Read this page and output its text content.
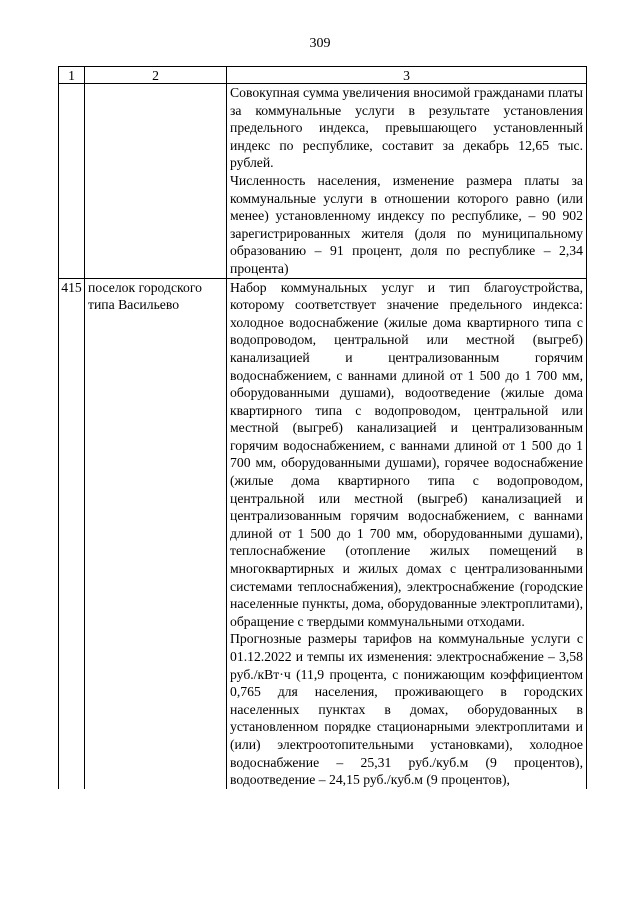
309
1	2	3

		Совокупная сумма увеличения вносимой гражданами платы за коммунальные услуги в результате установления предельного индекса, превышающего установленный индекс по республике, составит за декабрь 12,65 тыс. рублей.

Численность населения, изменение размера платы за коммунальные услуги в отношении которого равно (или менее) установленному индексу по республике, – 90 902 зарегистрированных жителя (доля по муниципальному образованию – 91 процент, доля по республике – 2,34 процента)

415	поселок городского типа Васильево	Набор коммунальных услуг и тип благоустройства, которому соответствует значение предельного индекса: холодное водоснабжение (жилые дома квартирного типа с водопроводом, центральной или местной (выгреб) канализацией и централизованным горячим водоснабжением, с ваннами длиной от 1 500 до 1 700 мм, оборудованными душами), водоотведение (жилые дома квартирного типа с водопроводом, центральной или местной (выгреб) канализацией и централизованным горячим водоснабжением, с ваннами длиной от 1 500 до 1 700 мм, оборудованными душами), горячее водоснабжение (жилые дома квартирного типа с водопроводом, центральной или местной (выгреб) канализацией и централизованным горячим водоснабжением, с ваннами длиной от 1 500 до 1 700 мм, оборудованными душами), теплоснабжение (отопление жилых помещений в многоквартирных и жилых домах с централизованными системами теплоснабжения), электроснабжение (городские населенные пункты, дома, оборудованные электроплитами), обращение с твердыми коммунальными отходами.

Прогнозные размеры тарифов на коммунальные услуги с 01.12.2022 и темпы их изменения: электроснабжение – 3,58 руб./кВт·ч (11,9 процента, с понижающим коэффициентом 0,765 для населения, проживающего в городских населенных пунктах в домах, оборудованных в установленном порядке стационарными электроплитами и (или) электроотопительными установками), холодное водоснабжение – 25,31 руб./куб.м (9 процентов), водоотведение – 24,15 руб./куб.м (9 процентов),
